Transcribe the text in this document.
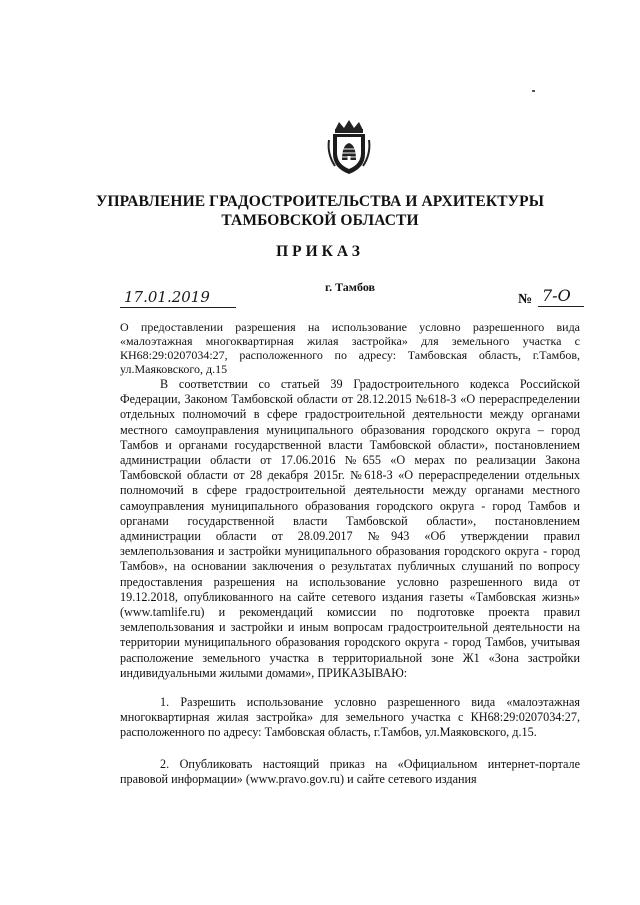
УПРАВЛЕНИЕ ГРАДОСТРОИТЕЛЬСТВА И АРХИТЕКТУРЫ
ТАМБОВСКОЙ ОБЛАСТИ
ПРИКАЗ
г. Тамбов
17.01.2019	№ 7-О
О предоставлении разрешения на использование условно разрешенного вида «малоэтажная многоквартирная жилая застройка» для земельного участка с КН68:29:0207034:27, расположенного по адресу: Тамбовская область, г.Тамбов, ул.Маяковского, д.15

В соответствии со статьей 39 Градостроительного кодекса Российской Федерации, Законом Тамбовской области от 28.12.2015 №618-З «О перераспределении отдельных полномочий в сфере градостроительной деятельности между органами местного самоуправления муниципального образования городского округа – город Тамбов и органами государственной власти Тамбовской области», постановлением администрации области от 17.06.2016 №655 «О мерах по реализации Закона Тамбовской области от 28 декабря 2015г. №618-З «О перераспределении отдельных полномочий в сфере градостроительной деятельности между органами местного самоуправления муниципального образования городского округа - город Тамбов и органами государственной власти Тамбовской области», постановлением администрации области от 28.09.2017 №943 «Об утверждении правил землепользования и застройки муниципального образования городского округа - город Тамбов», на основании заключения о результатах публичных слушаний по вопросу предоставления разрешения на использование условно разрешенного вида от 19.12.2018, опубликованного на сайте сетевого издания газеты «Тамбовская жизнь» (www.tamlife.ru) и рекомендаций комиссии по подготовке проекта правил землепользования и застройки и иным вопросам градостроительной деятельности на территории муниципального образования городского округа - город Тамбов, учитывая расположение земельного участка в территориальной зоне Ж1 «Зона застройки индивидуальными жилыми домами», ПРИКАЗЫВАЮ:

1. Разрешить использование условно разрешенного вида «малоэтажная многоквартирная жилая застройка» для земельного участка с КН68:29:0207034:27, расположенного по адресу: Тамбовская область, г.Тамбов, ул.Маяковского, д.15.

2. Опубликовать настоящий приказ на «Официальном интернет-портале правовой информации» (www.pravo.gov.ru) и сайте сетевого издания
